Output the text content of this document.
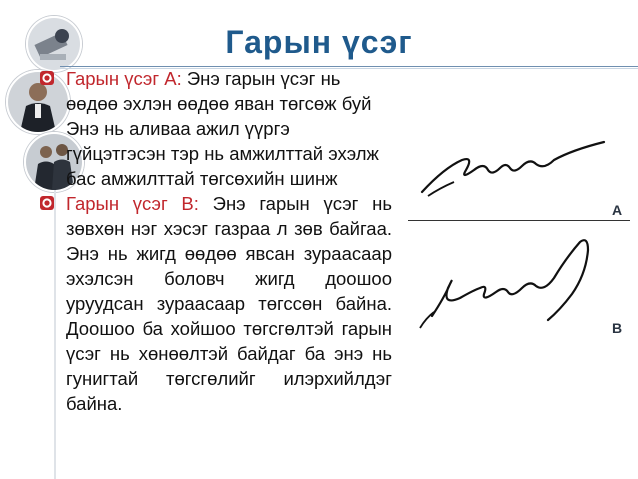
Гарын үсэг
Гарын үсэг А: Энэ гарын үсэг нь өөдөө эхлэн өөдөө яван төгсөж буй Энэ нь аливаа ажил үүргэ гүйцэтгэсэн тэр нь амжилттай эхэлж бас амжилттай төгсөхийн шинж
Гарын үсэг B: Энэ гарын үсэг нь зөвхөн нэг хэсэг газраа л зөв байгаа. Энэ нь жигд өөдөө явсан зураасаар эхэлсэн боловч жигд доошоо уруудсан зураасаар төгссөн байна. Доошоо ба хойшоо төгсгөлтэй гарын үсэг нь хөнөөлтэй байдаг ба энэ нь гунигтай төгсгөлийг илэрхийлдэг байна.
A
B
